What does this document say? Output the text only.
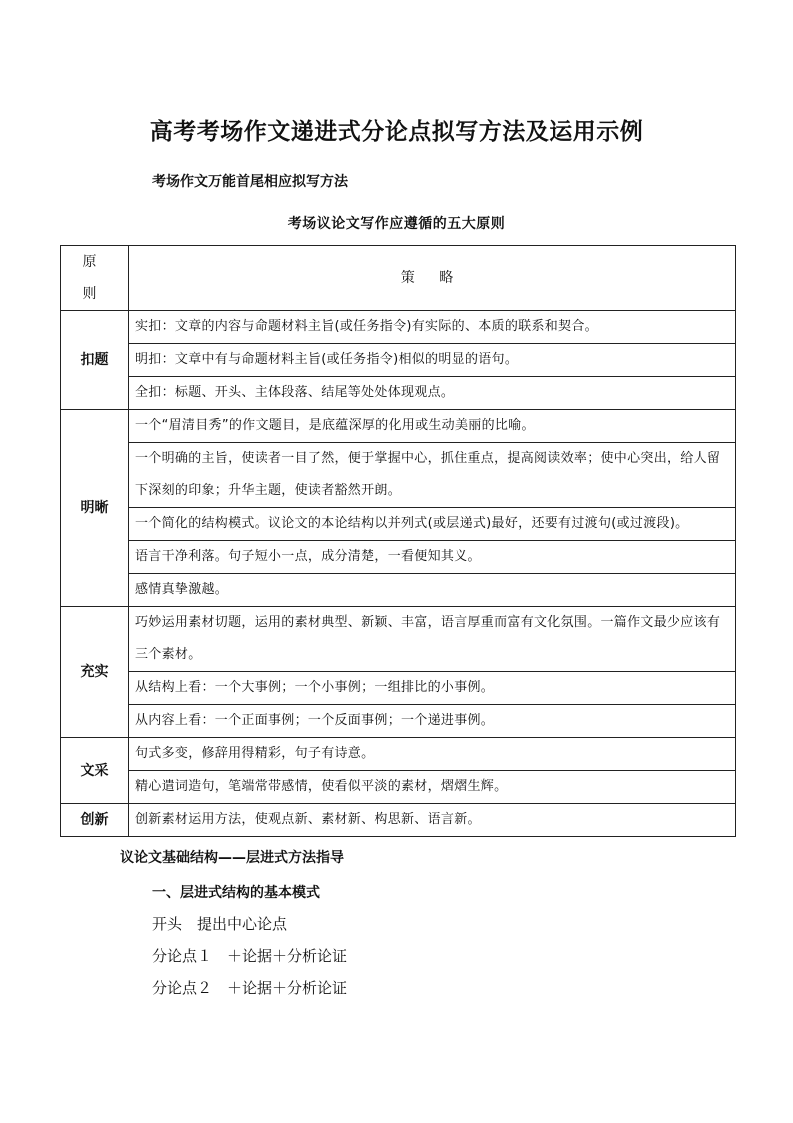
高考考场作文递进式分论点拟写方法及运用示例
考场作文万能首尾相应拟写方法
考场议论文写作应遵循的五大原则
原 则	策 略
扣题	实扣：文章的内容与命题材料主旨(或任务指令)有实际的、本质的联系和契合。
	明扣：文章中有与命题材料主旨(或任务指令)相似的明显的语句。
	全扣：标题、开头、主体段落、结尾等处处体现观点。
明晰	一个“眉清目秀”的作文题目，是底蕴深厚的化用或生动美丽的比喻。
	一个明确的主旨，使读者一目了然，便于掌握中心，抓住重点，提高阅读效率；使中心突出，给人留下深刻的印象；升华主题，使读者豁然开朗。
	一个简化的结构模式。议论文的本论结构以并列式(或层递式)最好，还要有过渡句(或过渡段)。
	语言干净利落。句子短小一点，成分清楚，一看便知其义。
	感情真挚激越。
充实	巧妙运用素材切题，运用的素材典型、新颖、丰富，语言厚重而富有文化氛围。一篇作文最少应该有三个素材。
	从结构上看：一个大事例；一个小事例；一组排比的小事例。
	从内容上看：一个正面事例；一个反面事例；一个递进事例。
文采	句式多变，修辞用得精彩，句子有诗意。
	精心遣词造句，笔端常带感情，使看似平淡的素材，熠熠生辉。
创新	创新素材运用方法，使观点新、素材新、构思新、语言新。
议论文基础结构——层进式方法指导
一、层进式结构的基本模式
开头　提出中心论点
分论点１　＋论据＋分析论证
分论点２　＋论据＋分析论证
